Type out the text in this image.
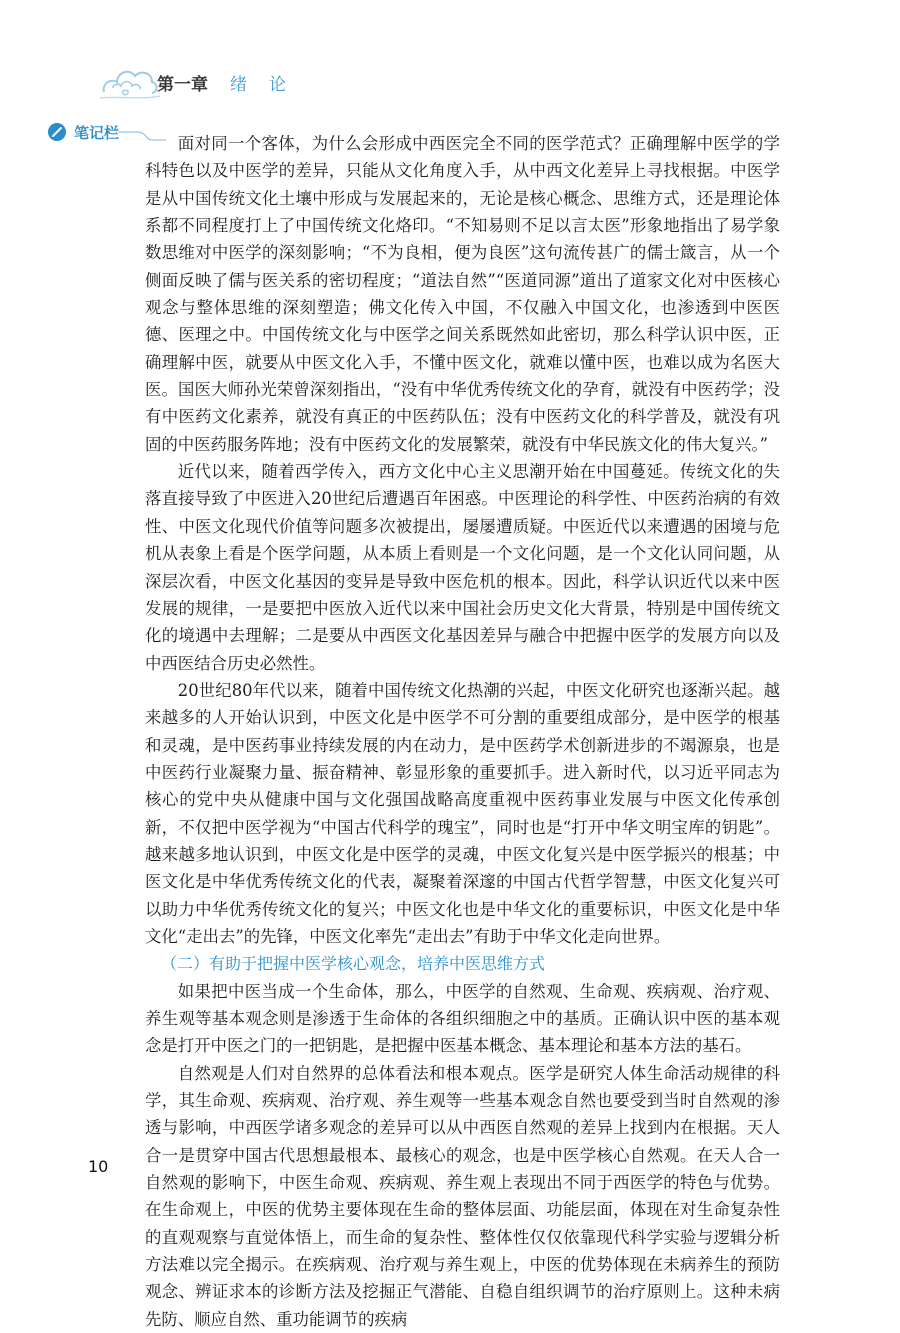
第一章 绪论
笔记栏

面对同一个客体，为什么会形成中西医完全不同的医学范式？正确理解中医学的学科特色以及中医学的差异，只能从文化角度入手，从中西文化差异上寻找根据。中医学是从中国传统文化土壤中形成与发展起来的，无论是核心概念、思维方式，还是理论体系都不同程度打上了中国传统文化烙印。“不知易则不足以言太医”形象地指出了易学象数思维对中医学的深刻影响；“不为良相，便为良医”这句流传甚广的儒士箴言，从一个侧面反映了儒与医关系的密切程度；“道法自然”“医道同源”道出了道家文化对中医核心观念与整体思维的深刻塑造；佛文化传入中国，不仅融入中国文化，也渗透到中医医德、医理之中。中国传统文化与中医学之间关系既然如此密切，那么科学认识中医，正确理解中医，就要从中医文化入手，不懂中医文化，就难以懂中医，也难以成为名医大医。国医大师孙光荣曾深刻指出，“没有中华优秀传统文化的孕育，就没有中医药学；没有中医药文化素养，就没有真正的中医药队伍；没有中医药文化的科学普及，就没有巩固的中医药服务阵地；没有中医药文化的发展繁荣，就没有中华民族文化的伟大复兴。”

近代以来，随着西学传入，西方文化中心主义思潮开始在中国蔓延。传统文化的失落直接导致了中医进入20世纪后遭遇百年困惑。中医理论的科学性、中医药治病的有效性、中医文化现代价值等问题多次被提出，屡屡遭质疑。中医近代以来遭遇的困境与危机从表象上看是个医学问题，从本质上看则是一个文化问题，是一个文化认同问题，从深层次看，中医文化基因的变异是导致中医危机的根本。因此，科学认识近代以来中医发展的规律，一是要把中医放入近代以来中国社会历史文化大背景，特别是中国传统文化的境遇中去理解；二是要从中西医文化基因差异与融合中把握中医学的发展方向以及中西医结合历史必然性。

20世纪80年代以来，随着中国传统文化热潮的兴起，中医文化研究也逐渐兴起。越来越多的人开始认识到，中医文化是中医学不可分割的重要组成部分，是中医学的根基和灵魂，是中医药事业持续发展的内在动力，是中医药学术创新进步的不竭源泉，也是中医药行业凝聚力量、振奋精神、彰显形象的重要抓手。进入新时代，以习近平同志为核心的党中央从健康中国与文化强国战略高度重视中医药事业发展与中医文化传承创新，不仅把中医学视为“中国古代科学的瑰宝”，同时也是“打开中华文明宝库的钥匙”。越来越多地认识到，中医文化是中医学的灵魂，中医文化复兴是中医学振兴的根基；中医文化是中华优秀传统文化的代表，凝聚着深邃的中国古代哲学智慧，中医文化复兴可以助力中华优秀传统文化的复兴；中医文化也是中华文化的重要标识，中医文化是中华文化“走出去”的先锋，中医文化率先“走出去”有助于中华文化走向世界。

（二）有助于把握中医学核心观念，培养中医思维方式

如果把中医当成一个生命体，那么，中医学的自然观、生命观、疾病观、治疗观、养生观等基本观念则是渗透于生命体的各组织细胞之中的基质。正确认识中医的基本观念是打开中医之门的一把钥匙，是把握中医基本概念、基本理论和基本方法的基石。

自然观是人们对自然界的总体看法和根本观点。医学是研究人体生命活动规律的科学，其生命观、疾病观、治疗观、养生观等一些基本观念自然也要受到当时自然观的渗透与影响，中西医学诸多观念的差异可以从中西医自然观的差异上找到内在根据。天人合一是贯穿中国古代思想最根本、最核心的观念，也是中医学核心自然观。在天人合一自然观的影响下，中医生命观、疾病观、养生观上表现出不同于西医学的特色与优势。在生命观上，中医的优势主要体现在生命的整体层面、功能层面，体现在对生命复杂性的直观观察与直觉体悟上，而生命的复杂性、整体性仅仅依靠现代科学实验与逻辑分析方法难以完全揭示。在疾病观、治疗观与养生观上，中医的优势体现在未病养生的预防观念、辨证求本的诊断方法及挖掘正气潜能、自稳自组织调节的治疗原则上。这种未病先防、顺应自然、重功能调节的疾病

10
